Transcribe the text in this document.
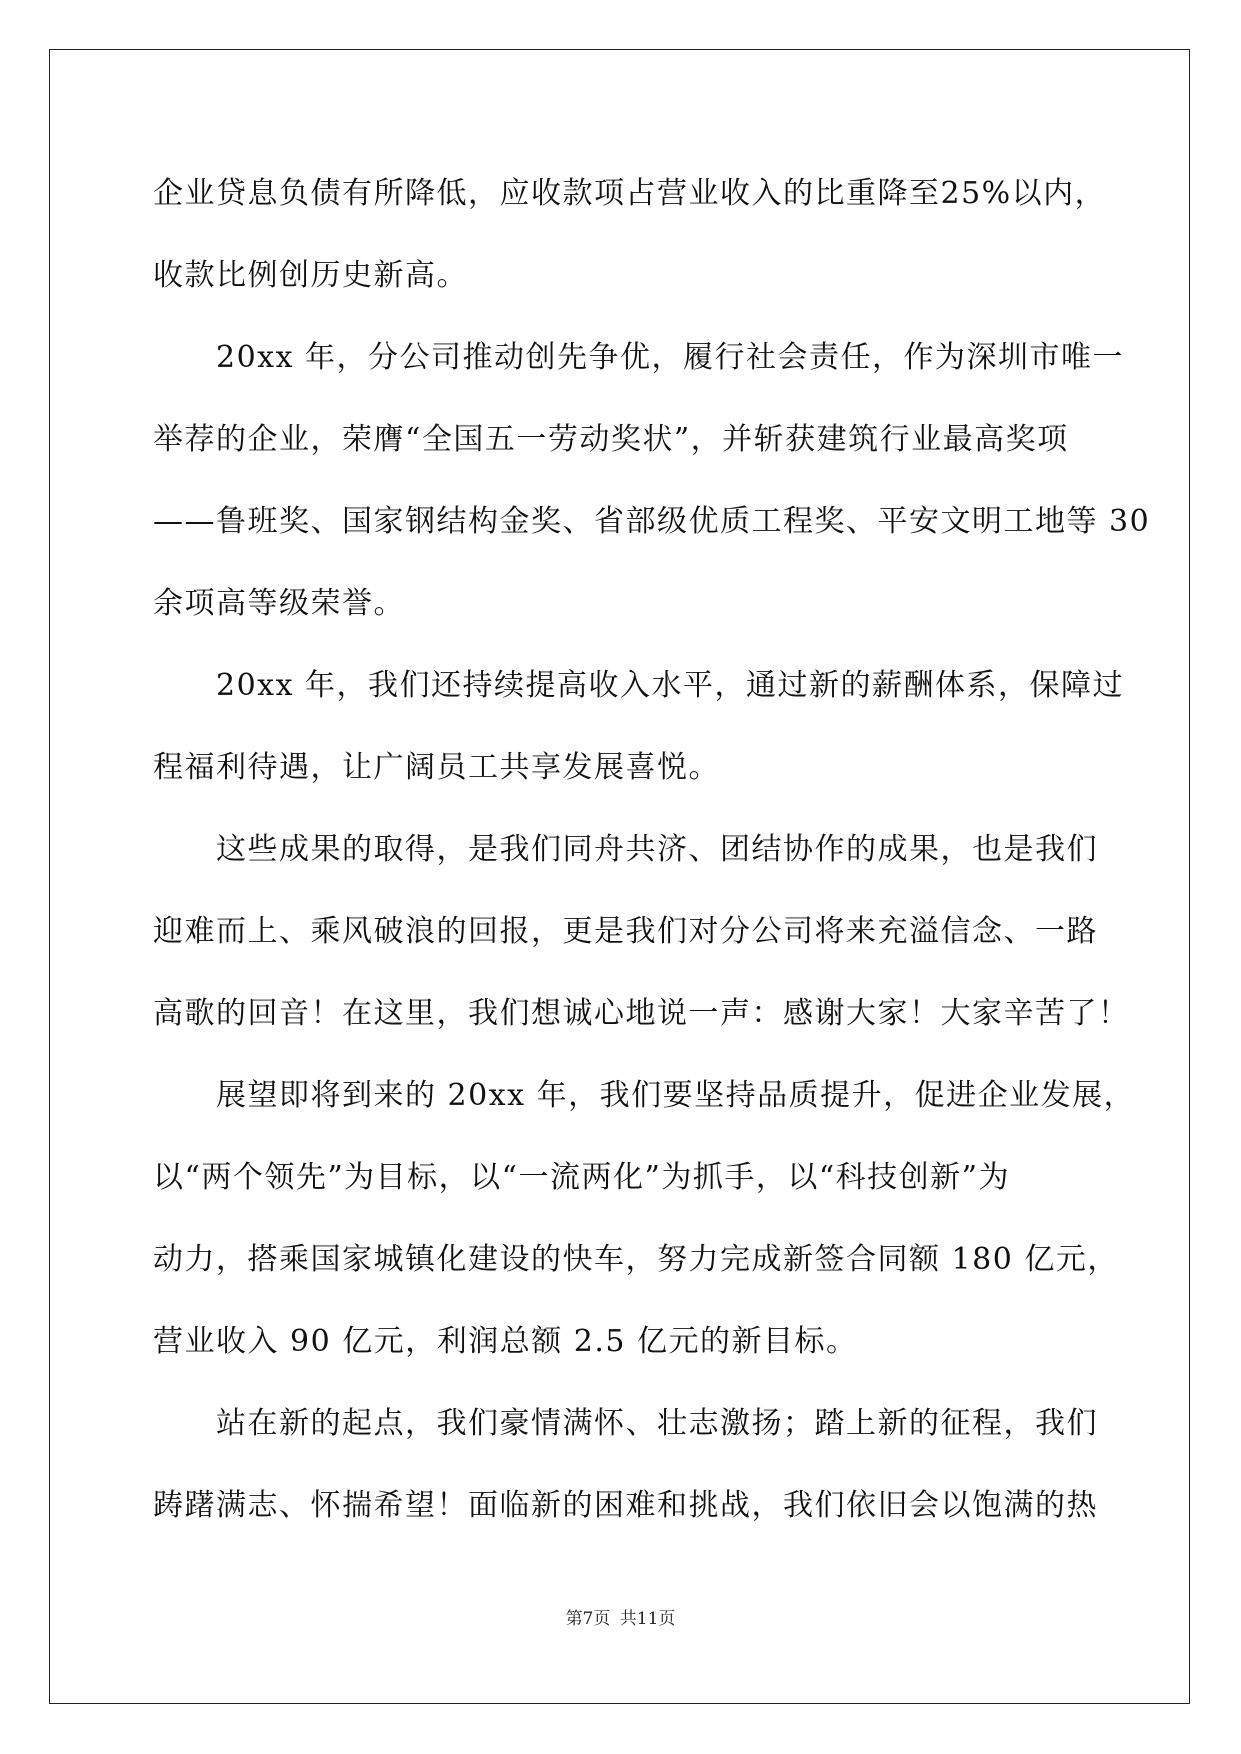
企业贷息负债有所降低，应收款项占营业收入的比重降至25%以内，
收款比例创历史新高。
20xx 年，分公司推动创先争优，履行社会责任，作为深圳市唯一
举荐的企业，荣膺“全国五一劳动奖状”，并斩获建筑行业最高奖项
——鲁班奖、国家钢结构金奖、省部级优质工程奖、平安文明工地等 30
余项高等级荣誉。
20xx 年，我们还持续提高收入水平，通过新的薪酬体系，保障过
程福利待遇，让广阔员工共享发展喜悦。
这些成果的取得，是我们同舟共济、团结协作的成果，也是我们
迎难而上、乘风破浪的回报，更是我们对分公司将来充溢信念、一路
高歌的回音！在这里，我们想诚心地说一声：感谢大家！大家辛苦了！
展望即将到来的 20xx 年，我们要坚持品质提升，促进企业发展，
以“两个领先”为目标，以“一流两化”为抓手，以“科技创新”为
动力，搭乘国家城镇化建设的快车，努力完成新签合同额 180 亿元，
营业收入 90 亿元，利润总额 2.5 亿元的新目标。
站在新的起点，我们豪情满怀、壮志激扬；踏上新的征程，我们
踌躇满志、怀揣希望！面临新的困难和挑战，我们依旧会以饱满的热
第7页 共11页
